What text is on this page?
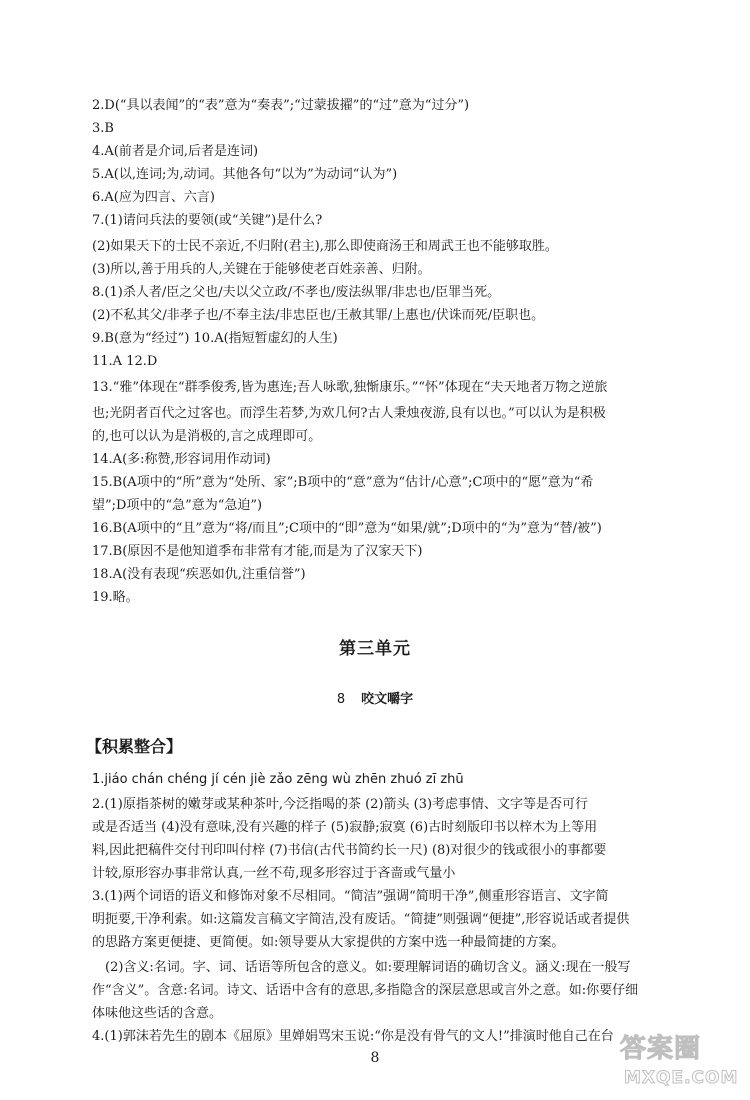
2.D(“具以表闻”的“表”意为“奏表”;“过蒙拔擢”的“过”意为“过分”)
3.B
4.A(前者是介词,后者是连词)
5.A(以,连词;为,动词。其他各句“以为”为动词“认为”)
6.A(应为四言、六言)
7.(1)请问兵法的要领(或“关键”)是什么?
(2)如果天下的士民不亲近,不归附(君主),那么即使商汤王和周武王也不能够取胜。
(3)所以,善于用兵的人,关键在于能够使老百姓亲善、归附。
8.(1)杀人者/臣之父也/夫以父立政/不孝也/废法纵罪/非忠也/臣罪当死。
(2)不私其父/非孝子也/不奉主法/非忠臣也/王赦其罪/上惠也/伏诛而死/臣职也。
9.B(意为“经过”) 10.A(指短暂虚幻的人生)
11.A 12.D
13.“雅”体现在“群季俊秀,皆为惠连;吾人咏歌,独惭康乐。”“怀”体现在“夫天地者万物之逆旅
也;光阴者百代之过客也。而浮生若梦,为欢几何?古人秉烛夜游,良有以也。”可以认为是积极
的,也可以认为是消极的,言之成理即可。
14.A(多:称赞,形容词用作动词)
15.B(A项中的“所”意为“处所、家”;B项中的“意”意为“估计/心意”;C项中的“愿”意为“希
望”;D项中的“急”意为“急迫”)
16.B(A项中的“且”意为“将/而且”;C项中的“即”意为“如果/就”;D项中的“为”意为“替/被”)
17.B(原因不是他知道季布非常有才能,而是为了汉家天下)
18.A(没有表现“疾恶如仇,注重信誉”)
19.略。
第三单元
8 咬文嚼字
【积累整合】
1.jiáo chán chéng jí cén jiè zǎo zēng wù zhēn zhuó zī zhū
2.(1)原指茶树的嫩芽或某种茶叶,今泛指喝的茶 (2)箭头 (3)考虑事情、文字等是否可行
或是否适当 (4)没有意味,没有兴趣的样子 (5)寂静;寂寞 (6)古时刻版印书以梓木为上等用
料,因此把稿件交付刊印叫付梓 (7)书信(古代书简约长一尺) (8)对很少的钱或很小的事都要
计较,原形容办事非常认真,一丝不苟,现多形容过于吝啬或气量小
3.(1)两个词语的语义和修饰对象不尽相同。“简洁”强调“简明干净”,侧重形容语言、文字简
明扼要,干净利索。如:这篇发言稿文字简洁,没有废话。“简捷”则强调“便捷”,形容说话或者提供
的思路方案更便捷、更简便。如:领导要从大家提供的方案中选一种最简捷的方案。
(2)含义:名词。字、词、话语等所包含的意义。如:要理解词语的确切含义。涵义:现在一般写
作“含义”。含意:名词。诗文、话语中含有的意思,多指隐含的深层意思或言外之意。如:你要仔细
体味他这些话的含意。
4.(1)郭沫若先生的剧本《屈原》里婵娟骂宋玉说:“你是没有骨气的文人!”排演时他自己在台
8	答案圈
MXQE.COM
